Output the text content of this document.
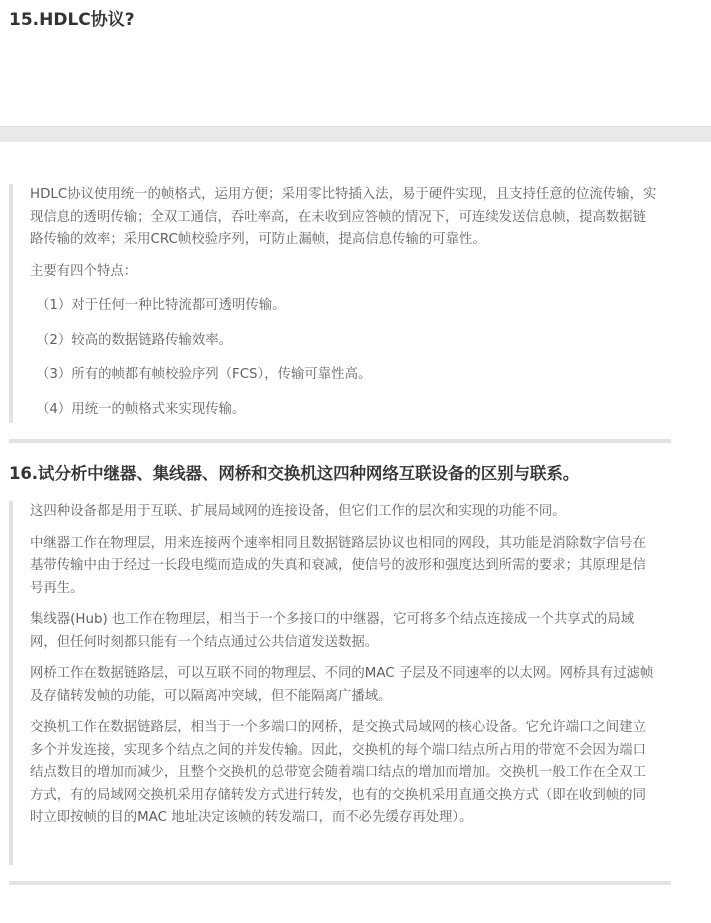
15.HDLC协议?

HDLC协议使用统一的帧格式，运用方便；采用零比特插入法，易于硬件实现，且支持任意的位流传输，实现信息的透明传输；全双工通信，吞吐率高，在未收到应答帧的情况下，可连续发送信息帧，提高数据链路传输的效率；采用CRC帧校验序列，可防止漏帧，提高信息传输的可靠性。

主要有四个特点：

（1）对于任何一种比特流都可透明传输。

（2）较高的数据链路传输效率。

（3）所有的帧都有帧校验序列（FCS），传输可靠性高。

（4）用统一的帧格式来实现传输。

16.试分析中继器、集线器、网桥和交换机这四种网络互联设备的区别与联系。

这四种设备都是用于互联、扩展局域网的连接设备，但它们工作的层次和实现的功能不同。

中继器工作在物理层，用来连接两个速率相同且数据链路层协议也相同的网段，其功能是消除数字信号在基带传输中由于经过一长段电缆而造成的失真和衰减，使信号的波形和强度达到所需的要求；其原理是信号再生。

集线器(Hub) 也工作在物理层，相当于一个多接口的中继器，它可将多个结点连接成一个共享式的局域网，但任何时刻都只能有一个结点通过公共信道发送数据。

网桥工作在数据链路层，可以互联不同的物理层、不同的MAC 子层及不同速率的以太网。网桥具有过滤帧及存储转发帧的功能，可以隔离冲突域，但不能隔离广播域。

交换机工作在数据链路层，相当于一个多端口的网桥，是交换式局域网的核心设备。它允许端口之间建立多个并发连接，实现多个结点之间的并发传输。因此，交换机的每个端口结点所占用的带宽不会因为端口结点数目的增加而减少，且整个交换机的总带宽会随着端口结点的增加而增加。交换机一般工作在全双工方式，有的局域网交换机采用存储转发方式进行转发，也有的交换机采用直通交换方式（即在收到帧的同时立即按帧的目的MAC 地址决定该帧的转发端口，而不必先缓存再处理）。
